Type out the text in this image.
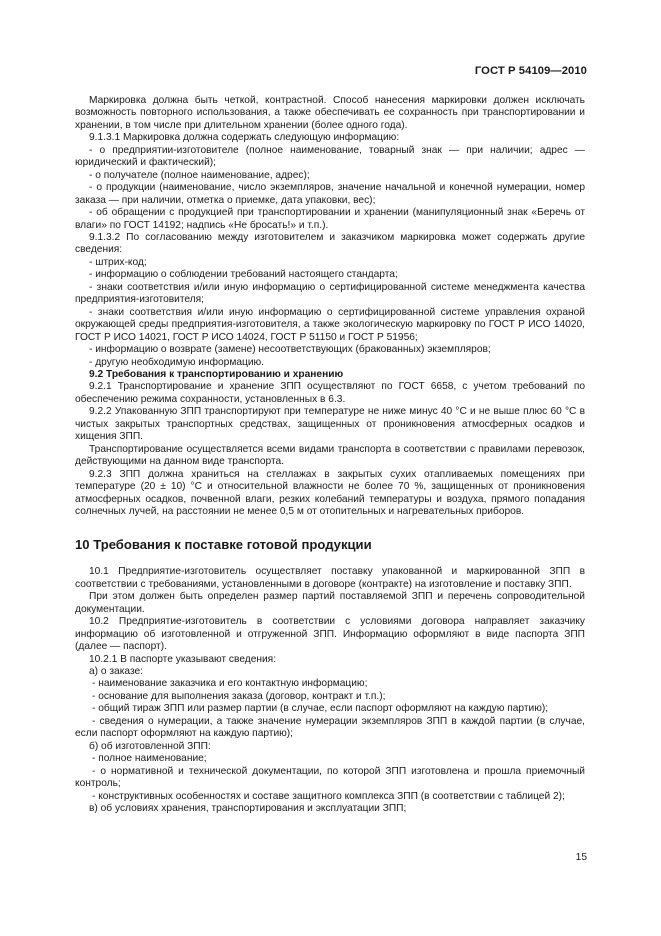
ГОСТ Р 54109—2010

Маркировка должна быть четкой, контрастной. Способ нанесения маркировки должен исключать возможность повторного использования, а также обеспечивать ее сохранность при транспортировании и хранении, в том числе при длительном хранении (более одного года).

9.1.3.1 Маркировка должна содержать следующую информацию:

- о предприятии-изготовителе (полное наименование, товарный знак — при наличии; адрес — юридический и фактический);

- о получателе (полное наименование, адрес);

- о продукции (наименование, число экземпляров, значение начальной и конечной нумерации, номер заказа — при наличии, отметка о приемке, дата упаковки, вес);

- об обращении с продукцией при транспортировании и хранении (манипуляционный знак «Беречь от влаги» по ГОСТ 14192; надпись «Не бросать!» и т.п.).

9.1.3.2 По согласованию между изготовителем и заказчиком маркировка может содержать другие сведения:

- штрих-код;

- информацию о соблюдении требований настоящего стандарта;

- знаки соответствия и/или иную информацию о сертифицированной системе менеджмента качества предприятия-изготовителя;

- знаки соответствия и/или иную информацию о сертифицированной системе управления охраной окружающей среды предприятия-изготовителя, а также экологическую маркировку по ГОСТ Р ИСО 14020, ГОСТ Р ИСО 14021, ГОСТ Р ИСО 14024, ГОСТ Р 51150 и ГОСТ Р 51956;

- информацию о возврате (замене) несоответствующих (бракованных) экземпляров;

- другую необходимую информацию.

9.2 Требования к транспортированию и хранению

9.2.1 Транспортирование и хранение ЗПП осуществляют по ГОСТ 6658, с учетом требований по обеспечению режима сохранности, установленных в 6.3.

9.2.2 Упакованную ЗПП транспортируют при температуре не ниже минус 40 °С и не выше плюс 60 °С в чистых закрытых транспортных средствах, защищенных от проникновения атмосферных осадков и хищения ЗПП.

Транспортирование осуществляется всеми видами транспорта в соответствии с правилами перевозок, действующими на данном виде транспорта.

9.2.3 ЗПП должна храниться на стеллажах в закрытых сухих отапливаемых помещениях при температуре (20 ± 10) °С и относительной влажности не более 70 %, защищенных от проникновения атмосферных осадков, почвенной влаги, резких колебаний температуры и воздуха, прямого попадания солнечных лучей, на расстоянии не менее 0,5 м от отопительных и нагревательных приборов.

10 Требования к поставке готовой продукции

10.1 Предприятие-изготовитель осуществляет поставку упакованной и маркированной ЗПП в соответствии с требованиями, установленными в договоре (контракте) на изготовление и поставку ЗПП.

При этом должен быть определен размер партий поставляемой ЗПП и перечень сопроводительной документации.

10.2 Предприятие-изготовитель в соответствии с условиями договора направляет заказчику информацию об изготовленной и отгруженной ЗПП. Информацию оформляют в виде паспорта ЗПП (далее — паспорт).

10.2.1 В паспорте указывают сведения:

а) о заказе:

- наименование заказчика и его контактную информацию;

- основание для выполнения заказа (договор, контракт и т.п.);

- общий тираж ЗПП или размер партии (в случае, если паспорт оформляют на каждую партию);

- сведения о нумерации, а также значение нумерации экземпляров ЗПП в каждой партии (в случае, если паспорт оформляют на каждую партию);

б) об изготовленной ЗПП:

- полное наименование;

- о нормативной и технической документации, по которой ЗПП изготовлена и прошла приемочный контроль;

- конструктивных особенностях и составе защитного комплекса ЗПП (в соответствии с таблицей 2);

в) об условиях хранения, транспортирования и эксплуатации ЗПП;

15
